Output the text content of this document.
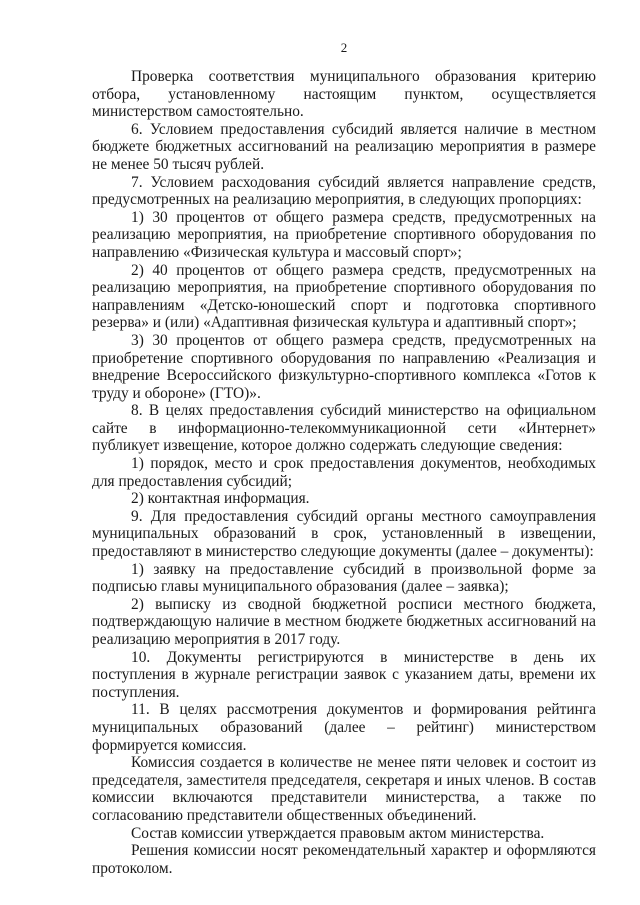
2

Проверка соответствия муниципального образования критерию отбора, установленному настоящим пунктом, осуществляется министерством самостоятельно.

6. Условием предоставления субсидий является наличие в местном бюджете бюджетных ассигнований на реализацию мероприятия в размере не менее 50 тысяч рублей.

7. Условием расходования субсидий является направление средств, предусмотренных на реализацию мероприятия, в следующих пропорциях:

1) 30 процентов от общего размера средств, предусмотренных на реализацию мероприятия, на приобретение спортивного оборудования по направлению «Физическая культура и массовый спорт»;

2) 40 процентов от общего размера средств, предусмотренных на реализацию мероприятия, на приобретение спортивного оборудования по направлениям «Детско-юношеский спорт и подготовка спортивного резерва» и (или) «Адаптивная физическая культура и адаптивный спорт»;

3) 30 процентов от общего размера средств, предусмотренных на приобретение спортивного оборудования по направлению «Реализация и внедрение Всероссийского физкультурно-спортивного комплекса «Готов к труду и обороне» (ГТО)».

8. В целях предоставления субсидий министерство на официальном сайте в информационно-телекоммуникационной сети «Интернет» публикует извещение, которое должно содержать следующие сведения:

1) порядок, место и срок предоставления документов, необходимых для предоставления субсидий;

2) контактная информация.

9. Для предоставления субсидий органы местного самоуправления муниципальных образований в срок, установленный в извещении, предоставляют в министерство следующие документы (далее – документы):

1) заявку на предоставление субсидий в произвольной форме за подписью главы муниципального образования (далее – заявка);

2) выписку из сводной бюджетной росписи местного бюджета, подтверждающую наличие в местном бюджете бюджетных ассигнований на реализацию мероприятия в 2017 году.

10. Документы регистрируются в министерстве в день их поступления в журнале регистрации заявок с указанием даты, времени их поступления.

11. В целях рассмотрения документов и формирования рейтинга муниципальных образований (далее – рейтинг) министерством формируется комиссия.

Комиссия создается в количестве не менее пяти человек и состоит из председателя, заместителя председателя, секретаря и иных членов. В состав комиссии включаются представители министерства, а также по согласованию представители общественных объединений.

Состав комиссии утверждается правовым актом министерства.

Решения комиссии носят рекомендательный характер и оформляются протоколом.
